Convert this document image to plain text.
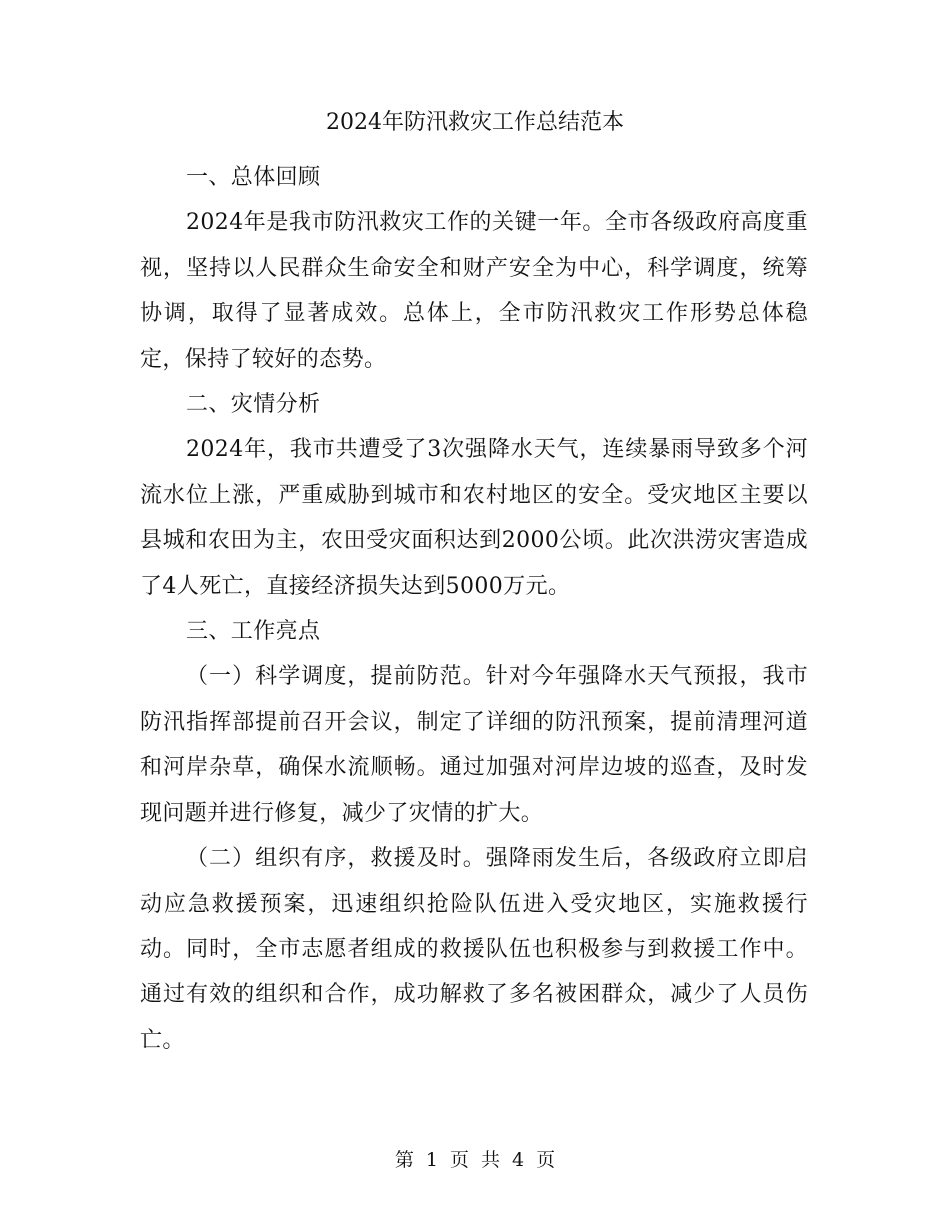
2024年防汛救灾工作总结范本

一、总体回顾

2024年是我市防汛救灾工作的关键一年。全市各级政府高度重视，坚持以人民群众生命安全和财产安全为中心，科学调度，统筹协调，取得了显著成效。总体上，全市防汛救灾工作形势总体稳定，保持了较好的态势。

二、灾情分析

2024年，我市共遭受了3次强降水天气，连续暴雨导致多个河流水位上涨，严重威胁到城市和农村地区的安全。受灾地区主要以县城和农田为主，农田受灾面积达到2000公顷。此次洪涝灾害造成了4人死亡，直接经济损失达到5000万元。

三、工作亮点

（一）科学调度，提前防范。针对今年强降水天气预报，我市防汛指挥部提前召开会议，制定了详细的防汛预案，提前清理河道和河岸杂草，确保水流顺畅。通过加强对河岸边坡的巡查，及时发现问题并进行修复，减少了灾情的扩大。

（二）组织有序，救援及时。强降雨发生后，各级政府立即启动应急救援预案，迅速组织抢险队伍进入受灾地区，实施救援行动。同时，全市志愿者组成的救援队伍也积极参与到救援工作中。通过有效的组织和合作，成功解救了多名被困群众，减少了人员伤亡。

第 1 页 共 4 页
